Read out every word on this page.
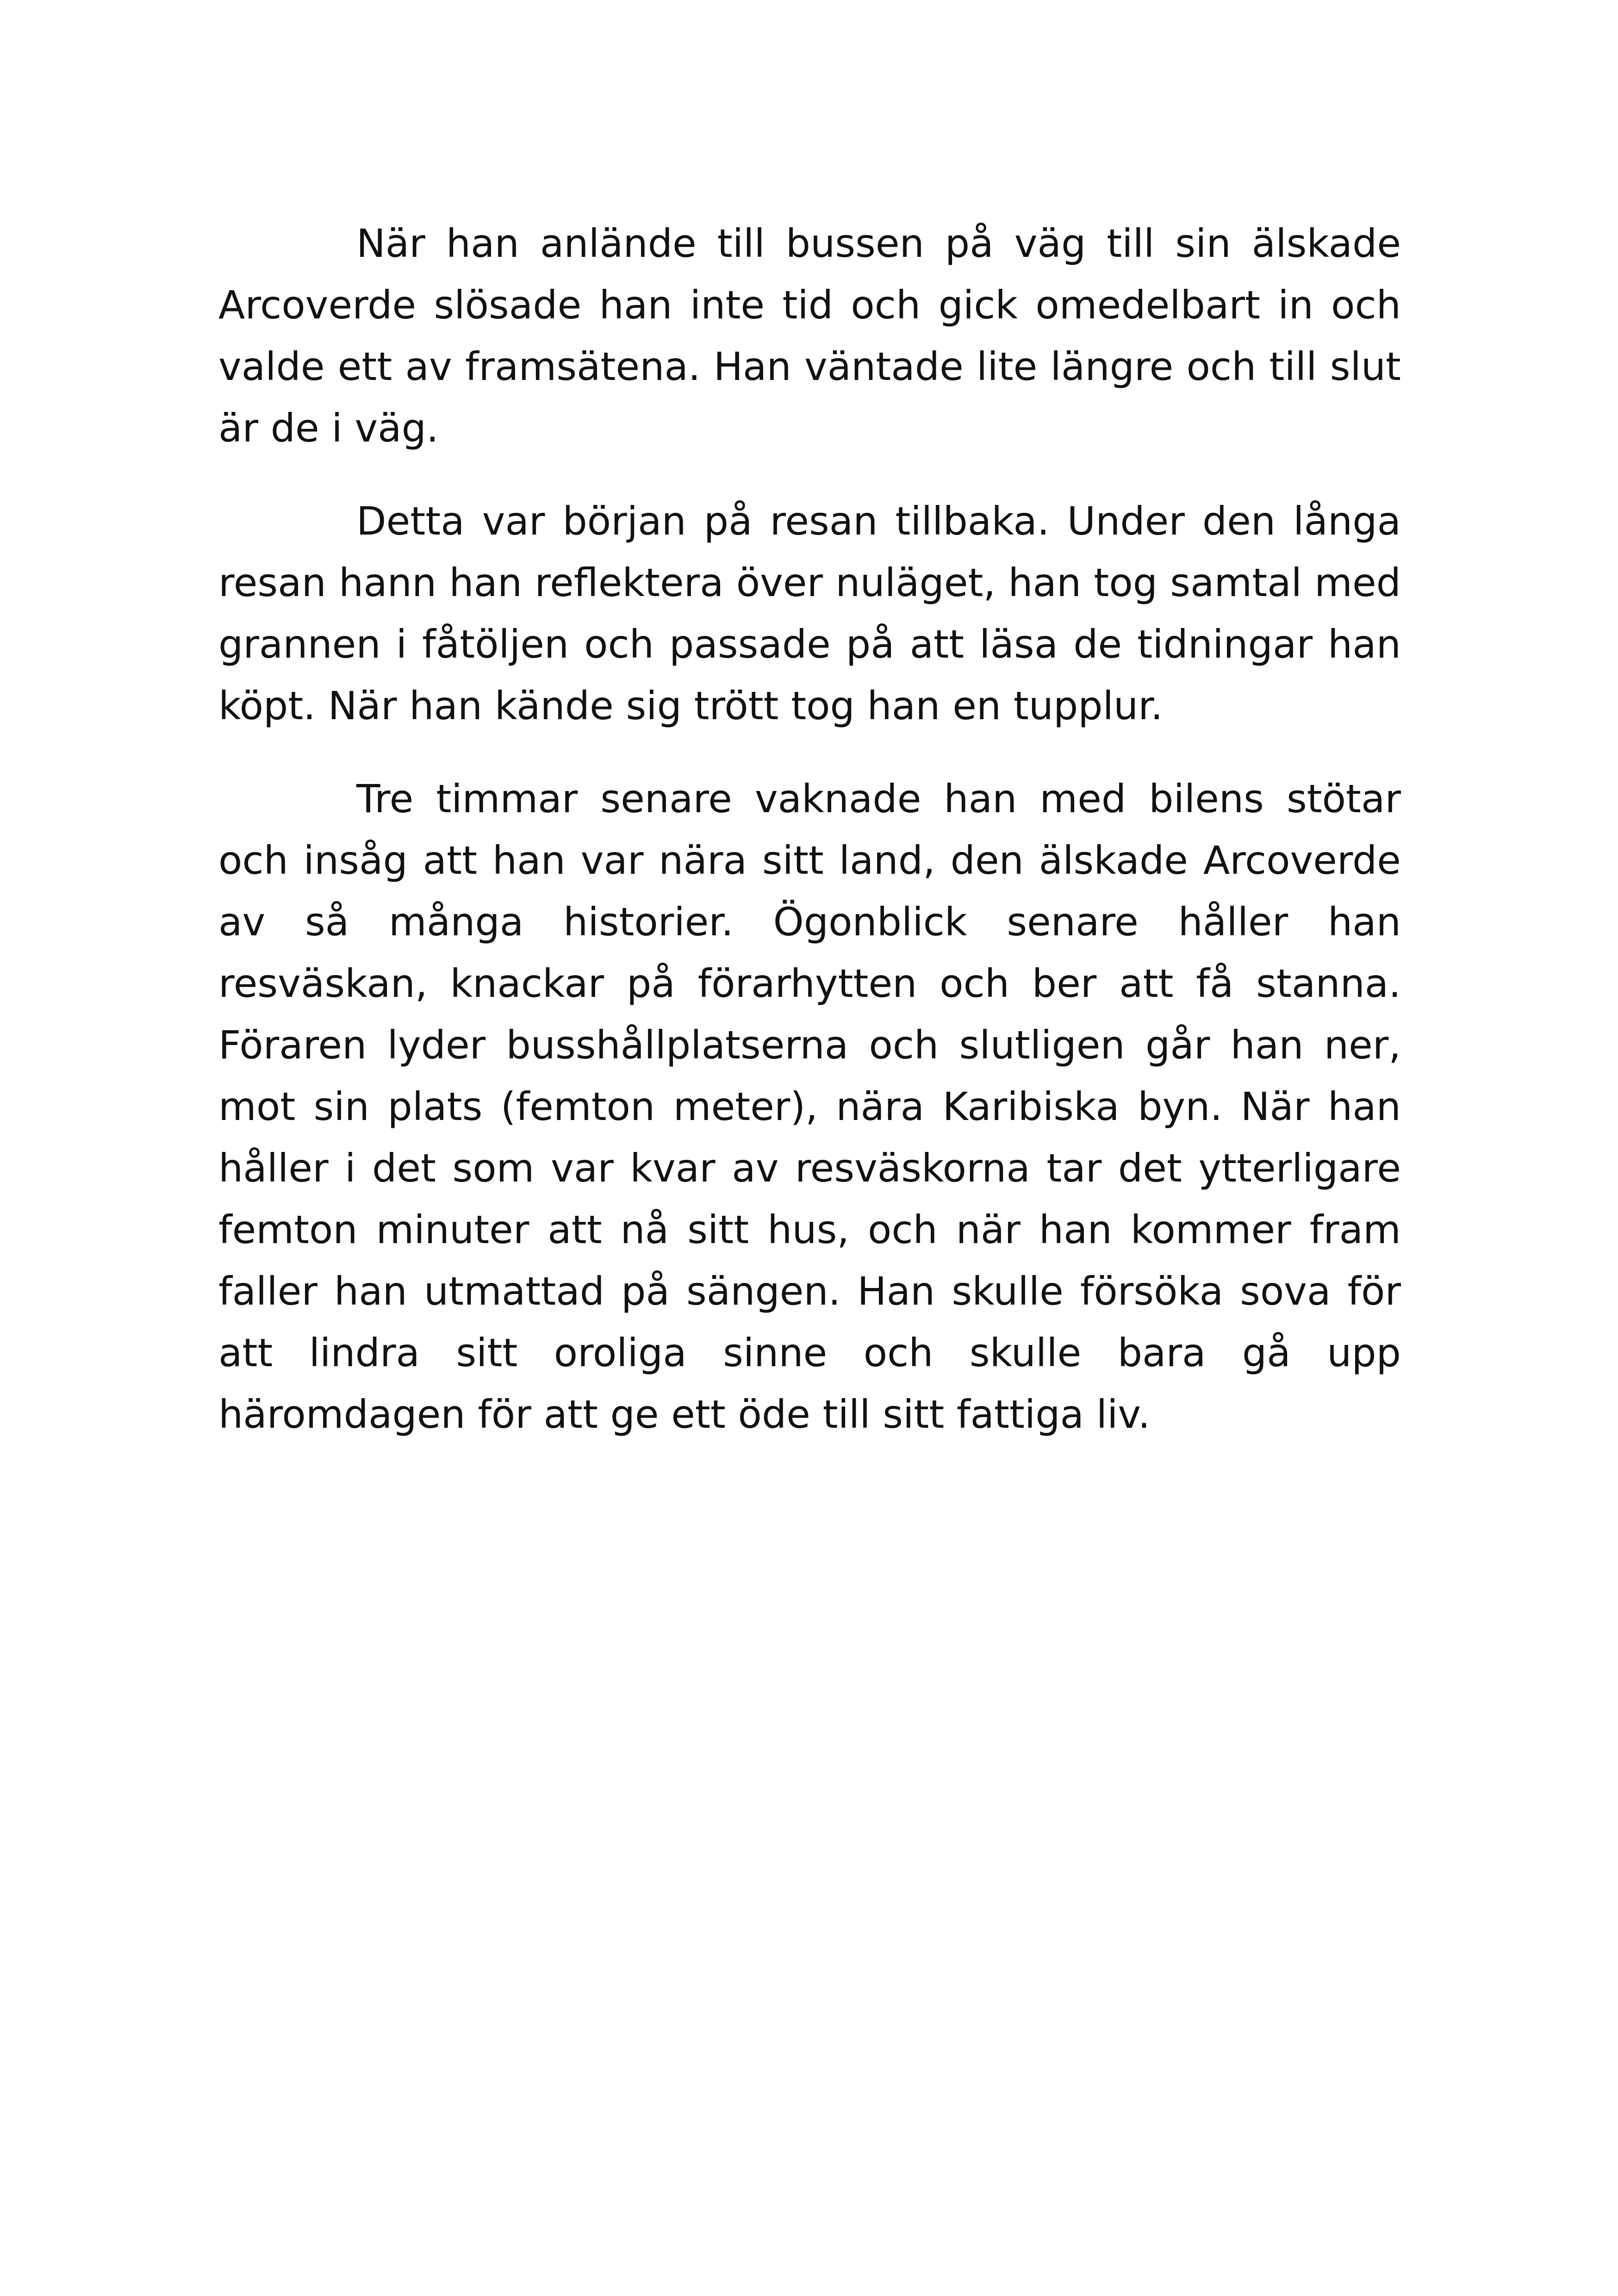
När han anlände till bussen på väg till sin älskade Arcoverde slösade han inte tid och gick omedelbart in och valde ett av framsätena. Han väntade lite längre och till slut är de i väg.

Detta var början på resan tillbaka. Under den långa resan hann han reflektera över nuläget, han tog samtal med grannen i fåtöljen och passade på att läsa de tidningar han köpt. När han kände sig trött tog han en tupplur.

Tre timmar senare vaknade han med bilens stötar och insåg att han var nära sitt land, den älskade Arcoverde av så många historier. Ögonblick senare håller han resväskan, knackar på förarhytten och ber att få stanna. Föraren lyder busshållplatserna och slutligen går han ner, mot sin plats (femton meter), nära Karibiska byn. När han håller i det som var kvar av resväskorna tar det ytterligare femton minuter att nå sitt hus, och när han kommer fram faller han utmattad på sängen. Han skulle försöka sova för att lindra sitt oroliga sinne och skulle bara gå upp häromdagen för att ge ett öde till sitt fattiga liv.
